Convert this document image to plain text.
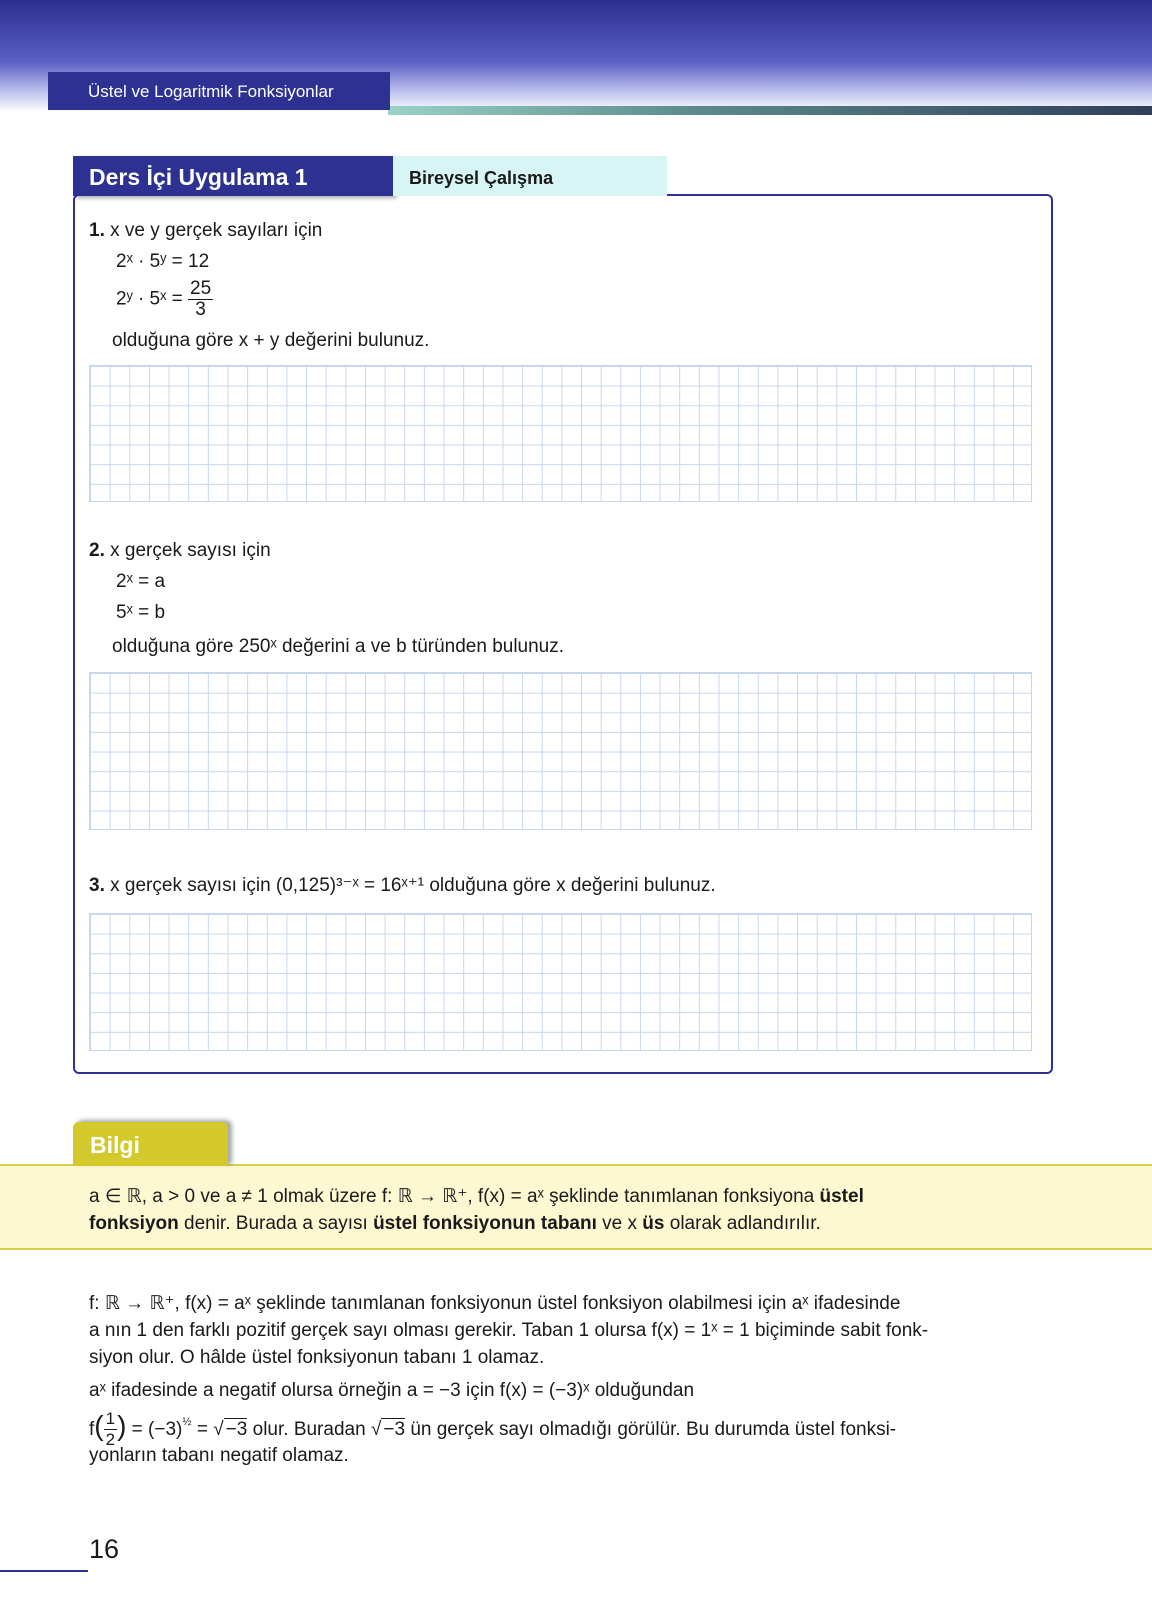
Üstel ve Logaritmik Fonksiyonlar
Ders İçi Uygulama 1	Bireysel Çalışma
1. x ve y gerçek sayıları için
2ˣ · 5ʸ = 12
2ʸ · 5ˣ = $\frac{25}{3}$
olduğuna göre x + y değerini bulunuz.
2. x gerçek sayısı için
2ˣ = a
5ˣ = b
olduğuna göre 250ˣ değerini a ve b türünden bulunuz.
3. x gerçek sayısı için (0,125)³⁻ˣ = 16ˣ⁺¹ olduğuna göre x değerini bulunuz.
Bilgi
a ∈ ℝ, a > 0 ve a ≠ 1 olmak üzere f: ℝ → ℝ⁺, f(x) = aˣ şeklinde tanımlanan fonksiyona üstel
fonksiyon denir. Burada a sayısı üstel fonksiyonun tabanı ve x üs olarak adlandırılır.
f: ℝ → ℝ⁺, f(x) = aˣ şeklinde tanımlanan fonksiyonun üstel fonksiyon olabilmesi için aˣ ifadesinde
a nın 1 den farklı pozitif gerçek sayı olması gerekir. Taban 1 olursa f(x) = 1ˣ = 1 biçiminde sabit fonk-
siyon olur. O hâlde üstel fonksiyonun tabanı 1 olamaz.
aˣ ifadesinde a negatif olursa örneğin a = −3 için f(x) = (−3)ˣ olduğundan
$f( \frac{1}{2}$ ) = $(-3)^{\frac{1}{2}}$ = √ −3 olur. Buradan √ −3 ün gerçek sayı olmadığı görülür. Bu durumda üstel fonksi-
yonların tabanı negatif olamaz.
16
